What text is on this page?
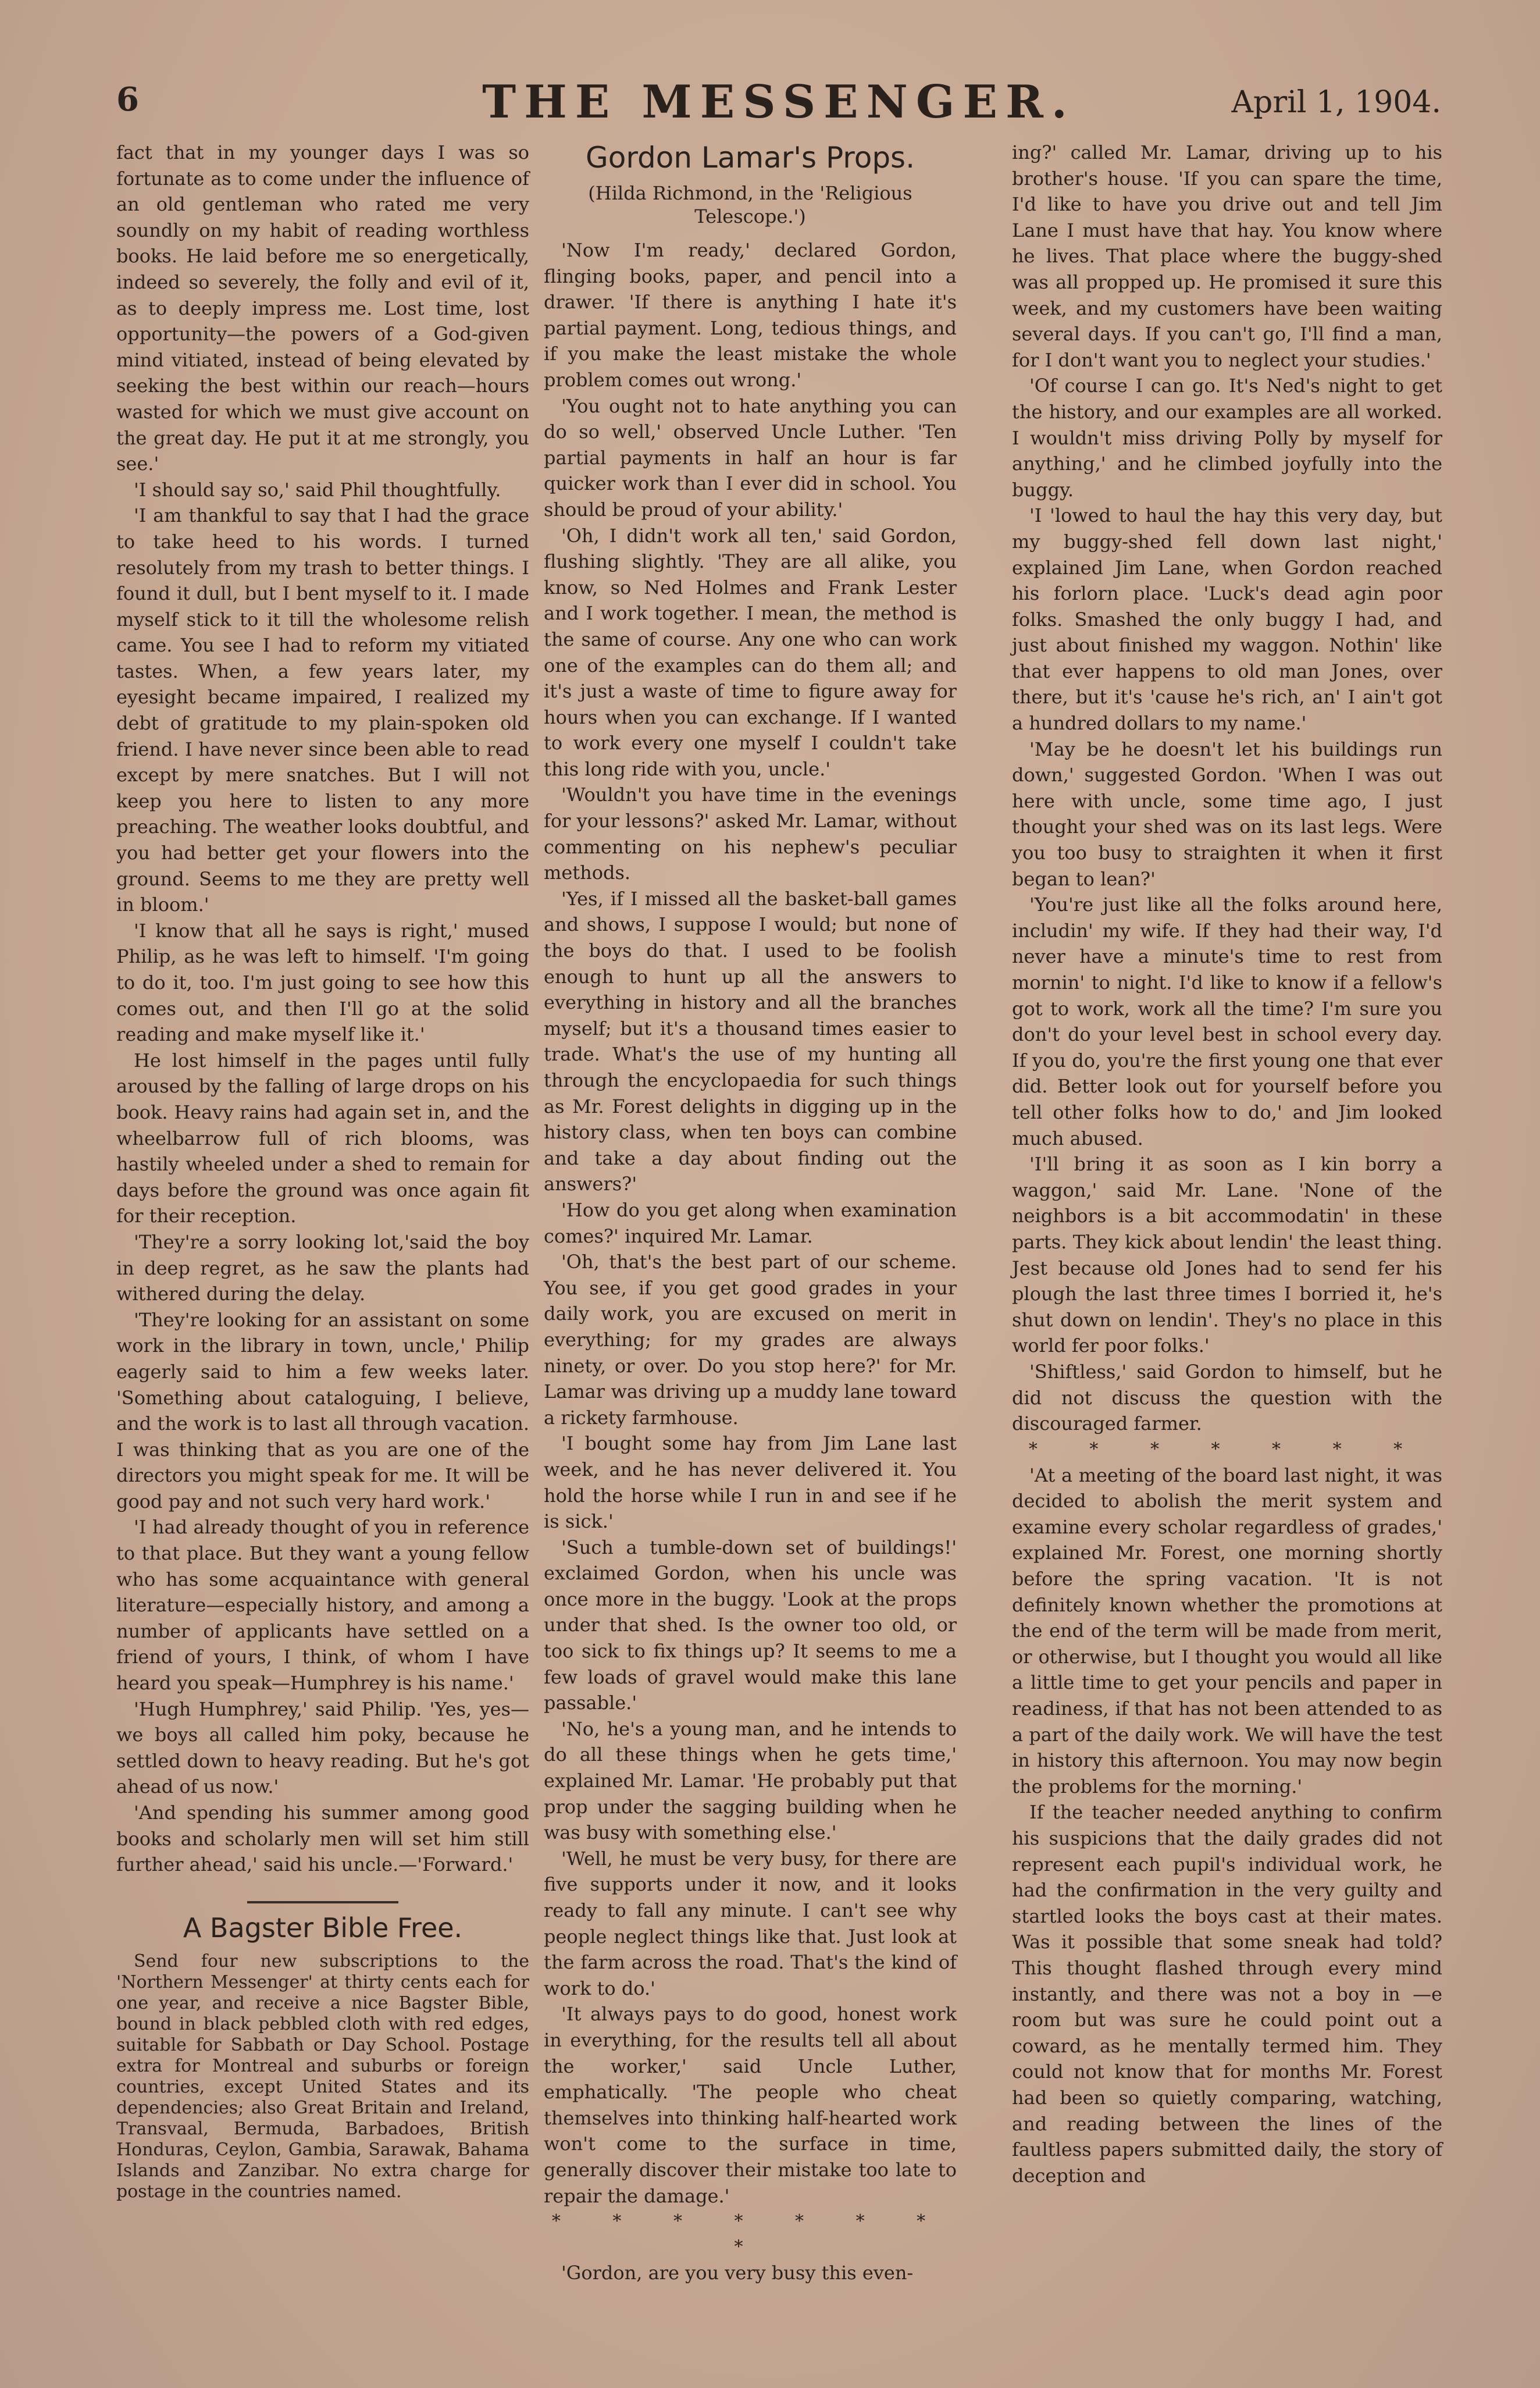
6	THE MESSENGER.	April 1, 1904.

fact that in my younger days I was so fortunate as to come under the influence of an old gentleman who rated me very soundly on my habit of reading worthless books. He laid before me so energetically, indeed so severely, the folly and evil of it, as to deeply impress me. Lost time, lost opportunity—the powers of a God-given mind vitiated, instead of being elevated by seeking the best within our reach—hours wasted for which we must give account on the great day. He put it at me strongly, you see.'

'I should say so,' said Phil thoughtfully.

'I am thankful to say that I had the grace to take heed to his words. I turned resolutely from my trash to better things. I found it dull, but I bent myself to it. I made myself stick to it till the wholesome relish came. You see I had to reform my vitiated tastes. When, a few years later, my eyesight became impaired, I realized my debt of gratitude to my plain-spoken old friend. I have never since been able to read except by mere snatches. But I will not keep you here to listen to any more preaching. The weather looks doubtful, and you had better get your flowers into the ground. Seems to me they are pretty well in bloom.'

'I know that all he says is right,' mused Philip, as he was left to himself. 'I'm going to do it, too. I'm just going to see how this comes out, and then I'll go at the solid reading and make myself like it.'

He lost himself in the pages until fully aroused by the falling of large drops on his book. Heavy rains had again set in, and the wheelbarrow full of rich blooms, was hastily wheeled under a shed to remain for days before the ground was once again fit for their reception.

'They're a sorry looking lot,'said the boy in deep regret, as he saw the plants had withered during the delay.

'They're looking for an assistant on some work in the library in town, uncle,' Philip eagerly said to him a few weeks later. 'Something about cataloguing, I believe, and the work is to last all through vacation. I was thinking that as you are one of the directors you might speak for me. It will be good pay and not such very hard work.'

'I had already thought of you in reference to that place. But they want a young fellow who has some acquaintance with general literature—especially history, and among a number of applicants have settled on a friend of yours, I think, of whom I have heard you speak—Humphrey is his name.'

'Hugh Humphrey,' said Philip. 'Yes, yes—we boys all called him poky, because he settled down to heavy reading. But he's got ahead of us now.'

'And spending his summer among good books and scholarly men will set him still further ahead,' said his uncle.—'Forward.'

A Bagster Bible Free.

Send four new subscriptions to the 'Northern Messenger' at thirty cents each for one year, and receive a nice Bagster Bible, bound in black pebbled cloth with red edges, suitable for Sabbath or Day School. Postage extra for Montreal and suburbs or foreign countries, except United States and its dependencies; also Great Britain and Ireland, Transvaal, Bermuda, Barbadoes, British Honduras, Ceylon, Gambia, Sarawak, Bahama Islands and Zanzibar. No extra charge for postage in the countries named.

Gordon Lamar's Props.
(Hilda Richmond, in the 'Religious Telescope.')

'Now I'm ready,' declared Gordon, flinging books, paper, and pencil into a drawer. 'If there is anything I hate it's partial payment. Long, tedious things, and if you make the least mistake the whole problem comes out wrong.'

'You ought not to hate anything you can do so well,' observed Uncle Luther. 'Ten partial payments in half an hour is far quicker work than I ever did in school. You should be proud of your ability.'

'Oh, I didn't work all ten,' said Gordon, flushing slightly. 'They are all alike, you know, so Ned Holmes and Frank Lester and I work together. I mean, the method is the same of course. Any one who can work one of the examples can do them all; and it's just a waste of time to figure away for hours when you can exchange. If I wanted to work every one myself I couldn't take this long ride with you, uncle.'

'Wouldn't you have time in the evenings for your lessons?' asked Mr. Lamar, without commenting on his nephew's peculiar methods.

'Yes, if I missed all the basket-ball games and shows, I suppose I would; but none of the boys do that. I used to be foolish enough to hunt up all the answers to everything in history and all the branches myself; but it's a thousand times easier to trade. What's the use of my hunting all through the encyclopaedia for such things as Mr. Forest delights in digging up in the history class, when ten boys can combine and take a day about finding out the answers?'

'How do you get along when examination comes?' inquired Mr. Lamar.

'Oh, that's the best part of our scheme. You see, if you get good grades in your daily work, you are excused on merit in everything; for my grades are always ninety, or over. Do you stop here?' for Mr. Lamar was driving up a muddy lane toward a rickety farmhouse.

'I bought some hay from Jim Lane last week, and he has never delivered it. You hold the horse while I run in and see if he is sick.'

'Such a tumble-down set of buildings!' exclaimed Gordon, when his uncle was once more in the buggy. 'Look at the props under that shed. Is the owner too old, or too sick to fix things up? It seems to me a few loads of gravel would make this lane passable.'

'No, he's a young man, and he intends to do all these things when he gets time,' explained Mr. Lamar. 'He probably put that prop under the sagging building when he was busy with something else.'

'Well, he must be very busy, for there are five supports under it now, and it looks ready to fall any minute. I can't see why people neglect things like that. Just look at the farm across the road. That's the kind of work to do.'

'It always pays to do good, honest work in everything, for the results tell all about the worker,' said Uncle Luther, emphatically. 'The people who cheat themselves into thinking half-hearted work won't come to the surface in time, generally discover their mistake too late to repair the damage.'

* * * * * * * *

'Gordon, are you very busy this even-

ing?' called Mr. Lamar, driving up to his brother's house. 'If you can spare the time, I'd like to have you drive out and tell Jim Lane I must have that hay. You know where he lives. That place where the buggy-shed was all propped up. He promised it sure this week, and my customers have been waiting several days. If you can't go, I'll find a man, for I don't want you to neglect your studies.'

'Of course I can go. It's Ned's night to get the history, and our examples are all worked. I wouldn't miss driving Polly by myself for anything,' and he climbed joyfully into the buggy.

'I 'lowed to haul the hay this very day, but my buggy-shed fell down last night,' explained Jim Lane, when Gordon reached his forlorn place. 'Luck's dead agin poor folks. Smashed the only buggy I had, and just about finished my waggon. Nothin' like that ever happens to old man Jones, over there, but it's 'cause he's rich, an' I ain't got a hundred dollars to my name.'

'May be he doesn't let his buildings run down,' suggested Gordon. 'When I was out here with uncle, some time ago, I just thought your shed was on its last legs. Were you too busy to straighten it when it first began to lean?'

'You're just like all the folks around here, includin' my wife. If they had their way, I'd never have a minute's time to rest from mornin' to night. I'd like to know if a fellow's got to work, work all the time? I'm sure you don't do your level best in school every day. If you do, you're the first young one that ever did. Better look out for yourself before you tell other folks how to do,' and Jim looked much abused.

'I'll bring it as soon as I kin borry a waggon,' said Mr. Lane. 'None of the neighbors is a bit accommodatin' in these parts. They kick about lendin' the least thing. Jest because old Jones had to send fer his plough the last three times I borried it, he's shut down on lendin'. They's no place in this world fer poor folks.'

'Shiftless,' said Gordon to himself, but he did not discuss the question with the discouraged farmer.

* * * * * * *

'At a meeting of the board last night, it was decided to abolish the merit system and examine every scholar regardless of grades,' explained Mr. Forest, one morning shortly before the spring vacation. 'It is not definitely known whether the promotions at the end of the term will be made from merit, or otherwise, but I thought you would all like a little time to get your pencils and paper in readiness, if that has not been attended to as a part of the daily work. We will have the test in history this afternoon. You may now begin the problems for the morning.'

If the teacher needed anything to confirm his suspicions that the daily grades did not represent each pupil's individual work, he had the confirmation in the very guilty and startled looks the boys cast at their mates. Was it possible that some sneak had told? This thought flashed through every mind instantly, and there was not a boy in —e room but was sure he could point out a coward, as he mentally termed him. They could not know that for months Mr. Forest had been so quietly comparing, watching, and reading between the lines of the faultless papers submitted daily, the story of deception and
